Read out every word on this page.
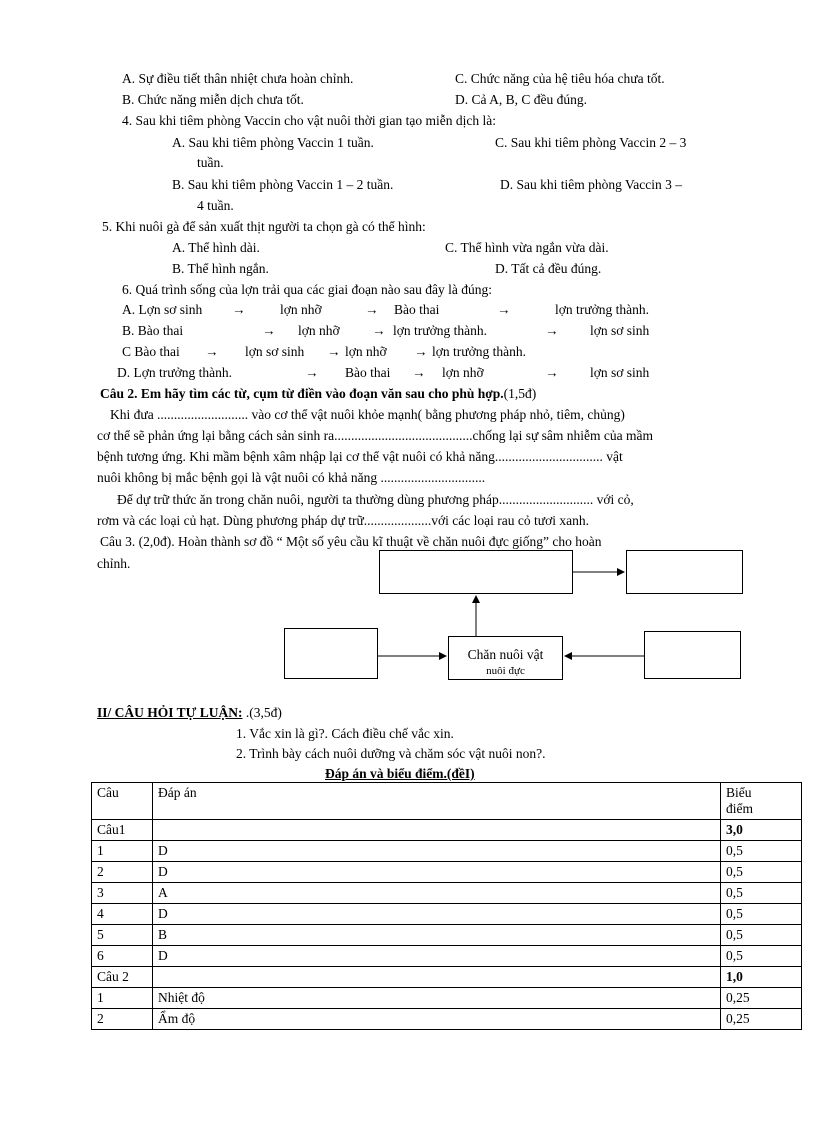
A. Sự điều tiết thân nhiệt chưa hoàn chỉnh.	C. Chức năng của hệ tiêu hóa chưa tốt.
B. Chức năng miễn dịch chưa tốt.	D. Cả A, B, C đều đúng.
4. Sau khi tiêm phòng Vaccin cho vật nuôi thời gian tạo miễn dịch là:
A. Sau khi tiêm phòng Vaccin 1 tuần.	C. Sau khi tiêm phòng Vaccin 2 – 3
tuần.
B. Sau khi tiêm phòng Vaccin 1 – 2 tuần.	D. Sau khi tiêm phòng Vaccin 3 –
4 tuần.
5. Khi nuôi gà để sản xuất thịt người ta chọn gà có thể hình:
A. Thể hình dài.	C. Thể hình vừa ngắn vừa dài.
B. Thể hình ngắn.	D. Tất cả đều đúng.
6. Quá trình sống của lợn trải qua các giai đoạn nào sau đây là đúng:
A. Lợn sơ sinh →	lợn nhỡ	→ Bào thai	→	lợn trưởng thành.
B. Bào thai	→ lợn nhỡ → lợn trưởng thành.	→ lợn sơ sinh
C Bào thai → lợn sơ sinh → lợn nhỡ → lợn trưởng thành.
D. Lợn trưởng thành.	→ Bào thai → lợn nhỡ	→ lợn sơ sinh
Câu 2. Em hãy tìm các từ, cụm từ điền vào đoạn văn sau cho phù hợp.(1,5đ)
Khi đưa ........................... vào cơ thể vật nuôi khỏe mạnh( bằng phương pháp nhỏ, tiêm, chủng)
cơ thể sẽ phản ứng lại bằng cách sản sinh ra.........................................chống lại sự sâm nhiễm của mầm
bệnh tương ứng. Khi mầm bệnh xâm nhập lại cơ thể vật nuôi có khả năng................................ vật
nuôi không bị mắc bệnh gọi là vật nuôi có khả năng ...............................
Để dự trữ thức ăn trong chăn nuôi, người ta thường dùng phương pháp............................ với cỏ,
rơm và các loại củ hạt. Dùng phương pháp dự trữ....................với các loại rau cỏ tươi xanh.
Câu 3. (2,0đ). Hoàn thành sơ đồ “ Một số yêu cầu kĩ thuật về chăn nuôi đực giống” cho hoàn
chỉnh.
Chăn nuôi vật
nuôi đực
II/ CÂU HỎI TỰ LUẬN: .(3,5đ)
1. Vắc xin là gì?. Cách điều chế vắc xin.
2. Trình bày cách nuôi dưỡng và chăm sóc vật nuôi non?.
Đáp án và biểu điểm.(đềI)
Câu	Đáp án	Biểu
điểm
Câu1		3,0
1	D	0,5
2	D	0,5
3	A	0,5
4	D	0,5
5	B	0,5
6	D	0,5
Câu 2		1,0
1	Nhiệt độ	0,25
2	Ẩm độ	0,25
